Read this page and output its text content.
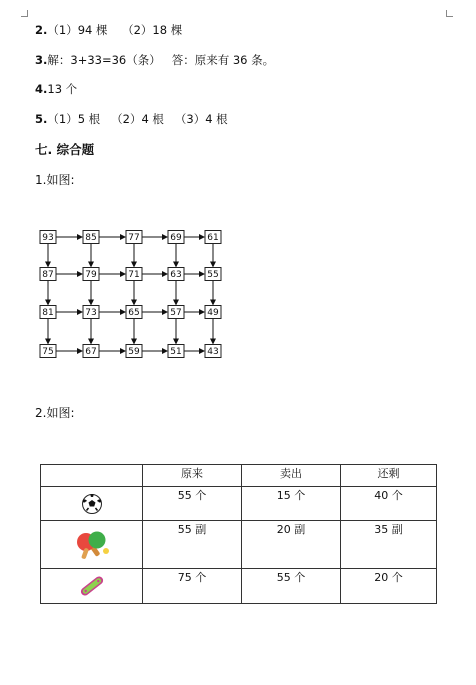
2.（1）94 棵    （2）18 棵
3.解：3+33=36（条）   答：原来有 36 条。
4.13 个
5.（1）5 根   （2）4 根   （3）4 根
七. 综合题
1.如图:
93	85	77	69	61
87	79	71	63	55
81	73	65	57	49
75	67	59	51	43
2.如图:
	原来	卖出	还剩

	55 个	15 个	40 个

	55 副	20 副	35 副

	75 个	55 个	20 个
